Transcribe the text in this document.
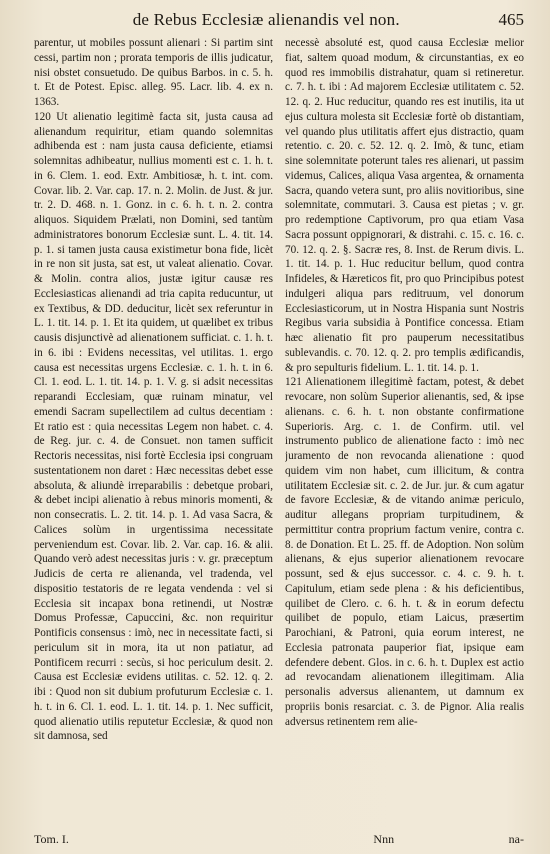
de Rebus Ecclesiæ alienandis vel non.	465
parentur, ut mobiles possunt alienari : Si partim sint cessi, partim non ; prorata temporis de illis judicatur, nisi obstet consuetudo. De quibus Barbos. in c. 5. h. t. Et de Potest. Episc. alleg. 95. Lacr. lib. 4. ex n. 1363.
120 Ut alienatio legitimè facta sit, justa causa ad alienandum requiritur, etiam quando solemnitas adhibenda est : nam justa causa deficiente, etiamsi solemnitas adhibeatur, nullius momenti est c. 1. h. t. in 6. Clem. 1. eod. Extr. Ambitiosæ, h. t. int. com. Covar. lib. 2. Var. cap. 17. n. 2. Molin. de Just. & jur. tr. 2. D. 468. n. 1. Gonz. in c. 6. h. t. n. 2. contra aliquos. Siquidem Prælati, non Domini, sed tantùm administratores bonorum Ecclesiæ sunt. L. 4. tit. 14. p. 1. si tamen justa causa existimetur bona fide, licèt in re non sit justa, sat est, ut valeat alienatio. Covar. & Molin. contra alios, justæ igitur causæ res Ecclesiasticas alienandi ad tria capita reducuntur, ut ex Textibus, & DD. deducitur, licèt sex referuntur in L. 1. tit. 14. p. 1. Et ita quidem, ut quælibet ex tribus causis disjunctivè ad alienationem sufficiat. c. 1. h. t. in 6. ibi : Evidens necessitas, vel utilitas. 1. ergo causa est necessitas urgens Ecclesiæ. c. 1. h. t. in 6. Cl. 1. eod. L. 1. tit. 14. p. 1. V. g. si adsit necessitas reparandi Ecclesiam, quæ ruinam minatur, vel emendi Sacram supellectilem ad cultus decentiam : Et ratio est : quia necessitas Legem non habet. c. 4. de Reg. jur. c. 4. de Consuet. non tamen sufficit Rectoris necessitas, nisi fortè Ecclesia ipsi congruam sustentationem non daret : Hæc necessitas debet esse absoluta, & aliundè irreparabilis : debetque probari, & debet incipi alienatio à rebus minoris momenti, & non consecratis. L. 2. tit. 14. p. 1. Ad vasa Sacra, & Calices solùm in urgentissima necessitate perveniendum est. Covar. lib. 2. Var. cap. 16. & alii. Quando verò adest necessitas juris : v. gr. præceptum Judicis de certa re alienanda, vel tradenda, vel dispositio testatoris de re legata vendenda : vel si Ecclesia sit incapax bona retinendi, ut Nostræ Domus Professæ, Capuccini, &c. non requiritur Pontificis consensus : imò, nec in necessitate facti, si periculum sit in mora, ita ut non patiatur, ad Pontificem recurri : secùs, si hoc periculum desit. 2. Causa est Ecclesiæ evidens utilitas. c. 52. 12. q. 2. ibi : Quod non sit dubium profuturum Ecclesiæ c. 1. h. t. in 6. Cl. 1. eod. L. 1. tit. 14. p. 1. Nec sufficit, quod alienatio utilis reputetur Ecclesiæ, & quod non sit damnosa, sed
necessè absoluté est, quod causa Ecclesiæ melior fiat, saltem quoad modum, & circunstantias, ex eo quod res immobilis distrahatur, quam si retineretur. c. 7. h. t. ibi : Ad majorem Ecclesiæ utilitatem c. 52. 12. q. 2. Huc reducitur, quando res est inutilis, ita ut ejus cultura molesta sit Ecclesiæ fortè ob distantiam, vel quando plus utilitatis affert ejus distractio, quam retentio. c. 20. c. 52. 12. q. 2. Imò, & tunc, etiam sine solemnitate poterunt tales res alienari, ut passim videmus, Calices, aliqua Vasa argentea, & ornamenta Sacra, quando vetera sunt, pro aliis novitioribus, sine solemnitate, commutari. 3. Causa est pietas ; v. gr. pro redemptione Captivorum, pro qua etiam Vasa Sacra possunt oppignorari, & distrahi. c. 15. c. 16. c. 70. 12. q. 2. §. Sacræ res, 8. Inst. de Rerum divis. L. 1. tit. 14. p. 1. Huc reducitur bellum, quod contra Infideles, & Hæreticos fit, pro quo Principibus potest indulgeri aliqua pars reditruum, vel donorum Ecclesiasticorum, ut in Nostra Hispania sunt Nostris Regibus varia subsidia à Pontifice concessa. Etiam hæc alienatio fit pro pauperum necessitatibus sublevandis. c. 70. 12. q. 2. pro templis ædificandis, & pro sepulturis fidelium. L. 1. tit. 14. p. 1.
121 Alienationem illegitimè factam, potest, & debet revocare, non solùm Superior alienantis, sed, & ipse alienans. c. 6. h. t. non obstante confirmatione Superioris. Arg. c. 1. de Confirm. util. vel instrumento publico de alienatione facto : imò nec juramento de non revocanda alienatione : quod quidem vim non habet, cum illicitum, & contra utilitatem Ecclesiæ sit. c. 2. de Jur. jur. & cum agatur de favore Ecclesiæ, & de vitando animæ periculo, auditur allegans propriam turpitudinem, & permittitur contra proprium factum venire, contra c. 8. de Donation. Et L. 25. ff. de Adoption. Non solùm alienans, & ejus superior alienationem revocare possunt, sed & ejus successor. c. 4. c. 9. h. t. Capitulum, etiam sede plena : & his deficientibus, quilibet de Clero. c. 6. h. t. & in eorum defectu quilibet de populo, etiam Laicus, præsertim Parochiani, & Patroni, quia eorum interest, ne Ecclesia patronata pauperior fiat, ipsique eam defendere debent. Glos. in c. 6. h. t. Duplex est actio ad revocandam alienationem illegitimam. Alia personalis adversus alienantem, ut damnum ex propriis bonis resarciat. c. 3. de Pignor. Alia realis adversus retinentem rem alie-
Tom. I.	Nnn	na-
